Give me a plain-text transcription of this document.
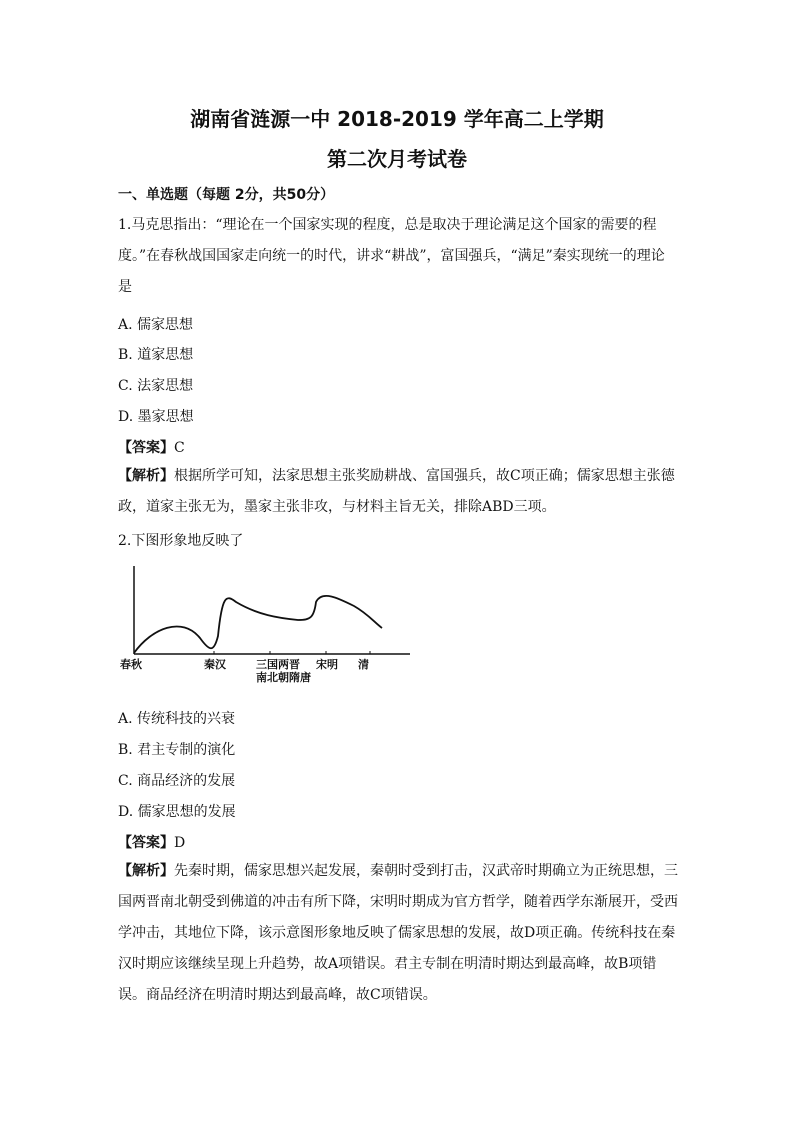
湖南省涟源一中 2018-2019 学年高二上学期
第二次月考试卷
一、单选题（每题 2分，共50分）
1.马克思指出：“理论在一个国家实现的程度，总是取决于理论满足这个国家的需要的程度。”在春秋战国国家走向统一的时代，讲求“耕战”，富国强兵，“满足”秦实现统一的理论是
A. 儒家思想
B. 道家思想
C. 法家思想
D. 墨家思想
【答案】C
【解析】根据所学可知，法家思想主张奖励耕战、富国强兵，故C项正确；儒家思想主张德政，道家主张无为，墨家主张非攻，与材料主旨无关，排除ABD三项。
2.下图形象地反映了
春秋	秦汉	三国两晋 宋明 清
南北朝隋唐
A. 传统科技的兴衰
B. 君主专制的演化
C. 商品经济的发展
D. 儒家思想的发展
【答案】D
【解析】先秦时期，儒家思想兴起发展，秦朝时受到打击，汉武帝时期确立为正统思想，三国两晋南北朝受到佛道的冲击有所下降，宋明时期成为官方哲学，随着西学东渐展开，受西学冲击，其地位下降，该示意图形象地反映了儒家思想的发展，故D项正确。传统科技在秦汉时期应该继续呈现上升趋势，故A项错误。君主专制在明清时期达到最高峰，故B项错误。商品经济在明清时期达到最高峰，故C项错误。
